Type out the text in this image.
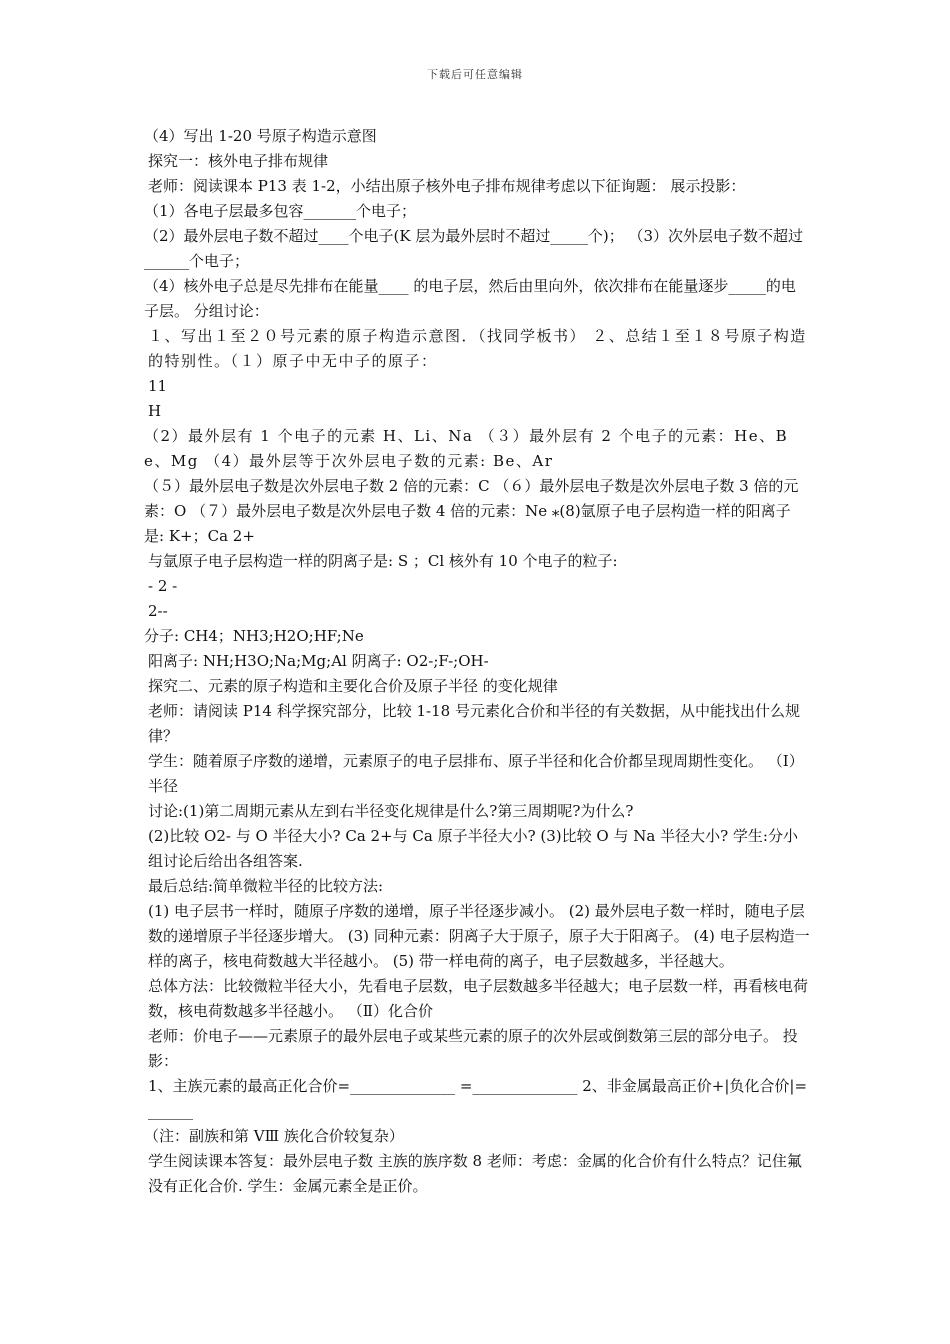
下载后可任意编辑

（4）写出 1-20 号原子构造示意图

探究一：核外电子排布规律

老师：阅读课本 P13 表 1-2，小结出原子核外电子排布规律考虑以下征询题： 展示投影：

（1）各电子层最多包容_______个电子；

（2）最外层电子数不超过____个电子(K 层为最外层时不超过_____个)； （3）次外层电子数不超过______个电子；

（4）核外电子总是尽先排布在能量____ 的电子层，然后由里向外，依次排布在能量逐步_____的电子层。 分组讨论：

１、写出１至２０号元素的原子构造示意图．（找同学板书） ２、总结１至１８号原子构造的特别性。（１）原子中无中子的原子：

11

H

（2）最外层有 1 个电子的元素 H、Li、Na （３）最外层有 2 个电子的元素：He、Be、Mg （4）最外层等于次外层电子数的元素: Be、Ar

（５）最外层电子数是次外层电子数 2 倍的元素：C （６）最外层电子数是次外层电子数 3 倍的元素：O （７）最外层电子数是次外层电子数 4 倍的元素：Ne ⁎(8)氩原子电子层构造一样的阳离子是: K+；Ca 2+

与氩原子电子层构造一样的阴离子是: S ；Cl 核外有 10 个电子的粒子:

- 2 -

2--

分子: CH4；NH3;H2O;HF;Ne

阳离子: NH;H3O;Na;Mg;Al 阴离子: O2-;F-;OH-

探究二、元素的原子构造和主要化合价及原子半径 的变化规律

老师：请阅读 P14 科学探究部分，比较 1-18 号元素化合价和半径的有关数据，从中能找出什么规律？

学生：随着原子序数的递增，元素原子的电子层排布、原子半径和化合价都呈现周期性变化。 （Ⅰ）半径

讨论:(1)第二周期元素从左到右半径变化规律是什么?第三周期呢?为什么?

(2)比较 O2- 与 O 半径大小? Ca 2+与 Ca 原子半径大小? (3)比较 O 与 Na 半径大小? 学生:分小组讨论后给出各组答案.

最后总结:简单微粒半径的比较方法:

(1) 电子层书一样时，随原子序数的递增，原子半径逐步减小。 (2) 最外层电子数一样时，随电子层数的递增原子半径逐步增大。 (3) 同种元素：阴离子大于原子，原子大于阳离子。 (4) 电子层构造一样的离子，核电荷数越大半径越小。 (5) 带一样电荷的离子，电子层数越多，半径越大。

总体方法：比较微粒半径大小，先看电子层数，电子层数越多半径越大；电子层数一样，再看核电荷数，核电荷数越多半径越小。 （Ⅱ）化合价

老师：价电子——元素原子的最外层电子或某些元素的原子的次外层或倒数第三层的部分电子。 投影：

1、主族元素的最高正化合价=______________ =______________ 2、非金属最高正价+|负化合价|=______

（注：副族和第 VⅢ 族化合价较复杂）

学生阅读课本答复：最外层电子数 主族的族序数 8 老师：考虑：金属的化合价有什么特点？记住氟没有正化合价. 学生：金属元素全是正价。
